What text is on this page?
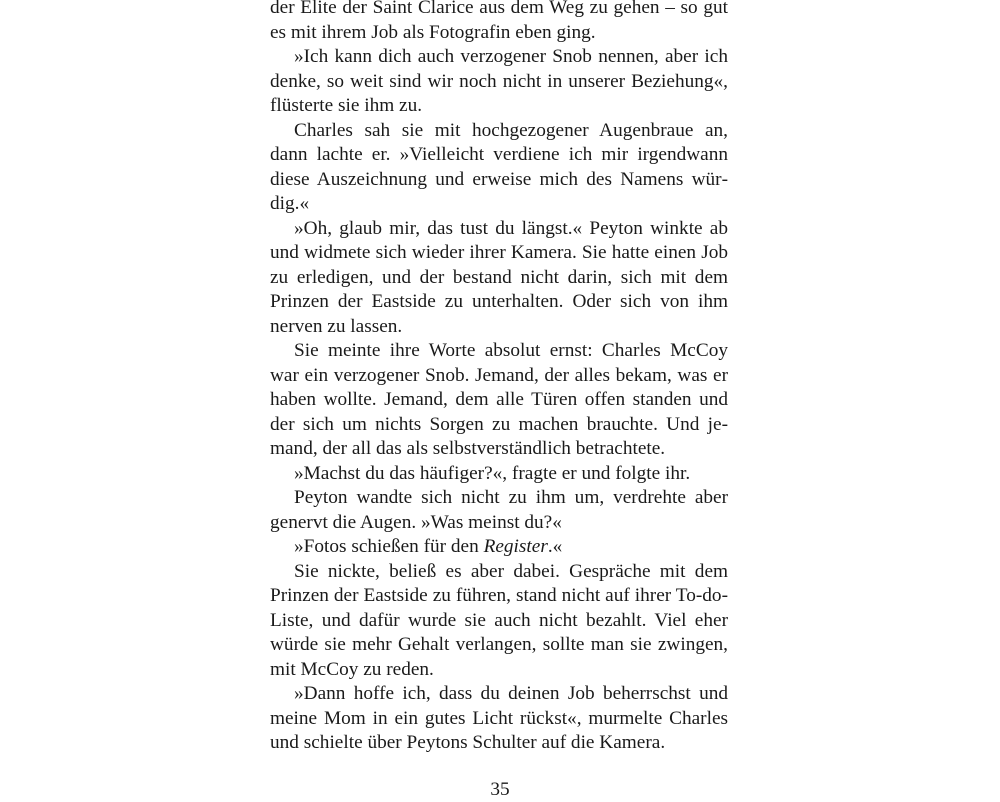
der Elite der Saint Clarice aus dem Weg zu gehen – so gut es mit ihrem Job als Fotografin eben ging.

»Ich kann dich auch verzogener Snob nennen, aber ich denke, so weit sind wir noch nicht in unserer Beziehung«, flüsterte sie ihm zu.

Charles sah sie mit hochgezogener Augenbraue an, dann lachte er. »Vielleicht verdiene ich mir irgendwann diese Auszeichnung und erweise mich des Namens würdig.«

»Oh, glaub mir, das tust du längst.« Peyton winkte ab und widmete sich wieder ihrer Kamera. Sie hatte einen Job zu erledigen, und der bestand nicht darin, sich mit dem Prinzen der Eastside zu unterhalten. Oder sich von ihm nerven zu lassen.

Sie meinte ihre Worte absolut ernst: Charles McCoy war ein verzogener Snob. Jemand, der alles bekam, was er haben wollte. Jemand, dem alle Türen offen standen und der sich um nichts Sorgen zu machen brauchte. Und jemand, der all das als selbstverständlich betrachtete.

»Machst du das häufiger?«, fragte er und folgte ihr.

Peyton wandte sich nicht zu ihm um, verdrehte aber genervt die Augen. »Was meinst du?«

»Fotos schießen für den Register.«

Sie nickte, beließ es aber dabei. Gespräche mit dem Prinzen der Eastside zu führen, stand nicht auf ihrer To-do-Liste, und dafür wurde sie auch nicht bezahlt. Viel eher würde sie mehr Gehalt verlangen, sollte man sie zwingen, mit McCoy zu reden.

»Dann hoffe ich, dass du deinen Job beherrschst und meine Mom in ein gutes Licht rückst«, murmelte Charles und schielte über Peytons Schulter auf die Kamera.

35
